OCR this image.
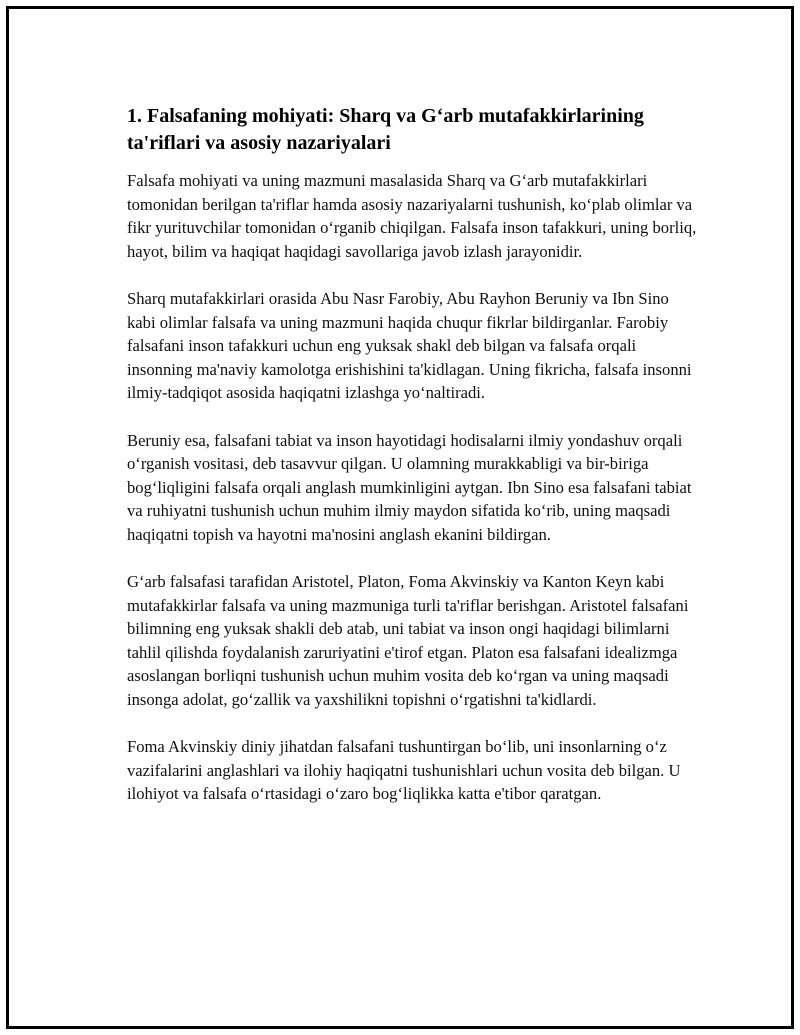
1. Falsafaning mohiyati: Sharq va G‘arb mutafakkirlarining ta'riflari va asosiy nazariyalari

Falsafa mohiyati va uning mazmuni masalasida Sharq va G‘arb mutafakkirlari tomonidan berilgan ta'riflar hamda asosiy nazariyalarni tushunish, ko‘plab olimlar va fikr yurituvchilar tomonidan o‘rganib chiqilgan. Falsafa inson tafakkuri, uning borliq, hayot, bilim va haqiqat haqidagi savollariga javob izlash jarayonidir.

Sharq mutafakkirlari orasida Abu Nasr Farobiy, Abu Rayhon Beruniy va Ibn Sino kabi olimlar falsafa va uning mazmuni haqida chuqur fikrlar bildirganlar. Farobiy falsafani inson tafakkuri uchun eng yuksak shakl deb bilgan va falsafa orqali insonning ma'naviy kamolotga erishishini ta'kidlagan. Uning fikricha, falsafa insonni ilmiy-tadqiqot asosida haqiqatni izlashga yo‘naltiradi.

Beruniy esa, falsafani tabiat va inson hayotidagi hodisalarni ilmiy yondashuv orqali o‘rganish vositasi, deb tasavvur qilgan. U olamning murakkabligi va bir-biriga bog‘liqligini falsafa orqali anglash mumkinligini aytgan. Ibn Sino esa falsafani tabiat va ruhiyatni tushunish uchun muhim ilmiy maydon sifatida ko‘rib, uning maqsadi haqiqatni topish va hayotni ma'nosini anglash ekanini bildirgan.

G‘arb falsafasi tarafidan Aristotel, Platon, Foma Akvinskiy va Kanton Keyn kabi mutafakkirlar falsafa va uning mazmuniga turli ta'riflar berishgan. Aristotel falsafani bilimning eng yuksak shakli deb atab, uni tabiat va inson ongi haqidagi bilimlarni tahlil qilishda foydalanish zaruriyatini e'tirof etgan. Platon esa falsafani idealizmga asoslangan borliqni tushunish uchun muhim vosita deb ko‘rgan va uning maqsadi insonga adolat, go‘zallik va yaxshilikni topishni o‘rgatishni ta'kidlardi.

Foma Akvinskiy diniy jihatdan falsafani tushuntirgan bo‘lib, uni insonlarning o‘z vazifalarini anglashlari va ilohiy haqiqatni tushunishlari uchun vosita deb bilgan. U ilohiyot va falsafa o‘rtasidagi o‘zaro bog‘liqlikka katta e'tibor qaratgan.
